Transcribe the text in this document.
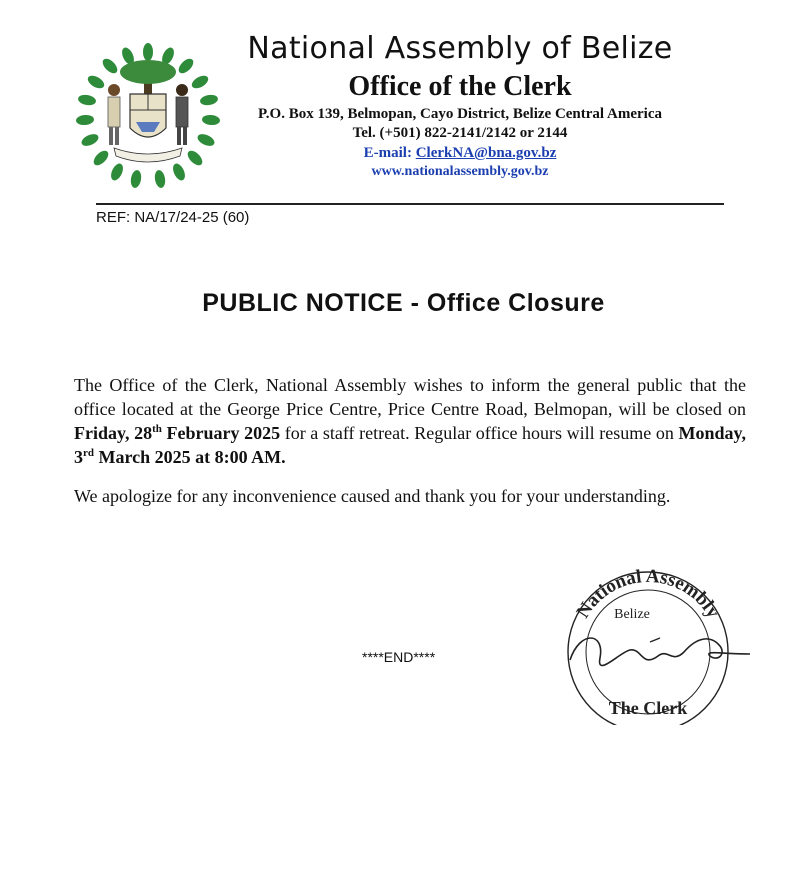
National Assembly of Belize
Office of the Clerk
P.O. Box 139, Belmopan, Cayo District, Belize Central America
Tel. (+501) 822-2141/2142 or 2144
E-mail: ClerkNA@bna.gov.bz
www.nationalassembly.gov.bz
REF: NA/17/24-25 (60)
PUBLIC NOTICE - Office Closure
The Office of the Clerk, National Assembly wishes to inform the general public that the office located at the George Price Centre, Price Centre Road, Belmopan, will be closed on Friday, 28th February 2025 for a staff retreat. Regular office hours will resume on Monday, 3rd March 2025 at 8:00 AM.
We apologize for any inconvenience caused and thank you for your understanding.
****END****
National Assembly
Belize
The Clerk
